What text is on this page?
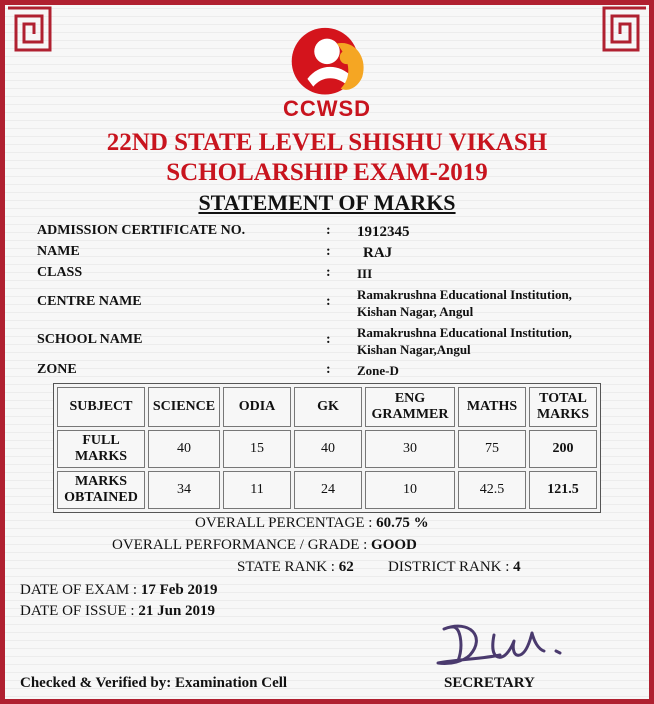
CCWSD
22ND STATE LEVEL SHISHU VIKASH
SCHOLARSHIP EXAM-2019
STATEMENT OF MARKS
ADMISSION CERTIFICATE NO.	: 1912345
NAME	: RAJ
CLASS	: III
CENTRE NAME	: Ramakrushna Educational Institution,
Kishan Nagar, Angul
SCHOOL NAME	: Ramakrushna Educational Institution,
Kishan Nagar,Angul
ZONE	: Zone-D
SUBJECT	SCIENCE	ODIA	GK	ENG GRAMMER	MATHS	TOTAL MARKS
FULL MARKS	40	15	40	30	75	200
MARKS OBTAINED	34	11	24	10	42.5	121.5
OVERALL PERCENTAGE : 60.75 %
OVERALL PERFORMANCE / GRADE : GOOD
STATE RANK : 62 DISTRICT RANK : 4
DATE OF EXAM : 17 Feb 2019
DATE OF ISSUE : 21 Jun 2019
Checked & Verified by: Examination Cell	SECRETARY
